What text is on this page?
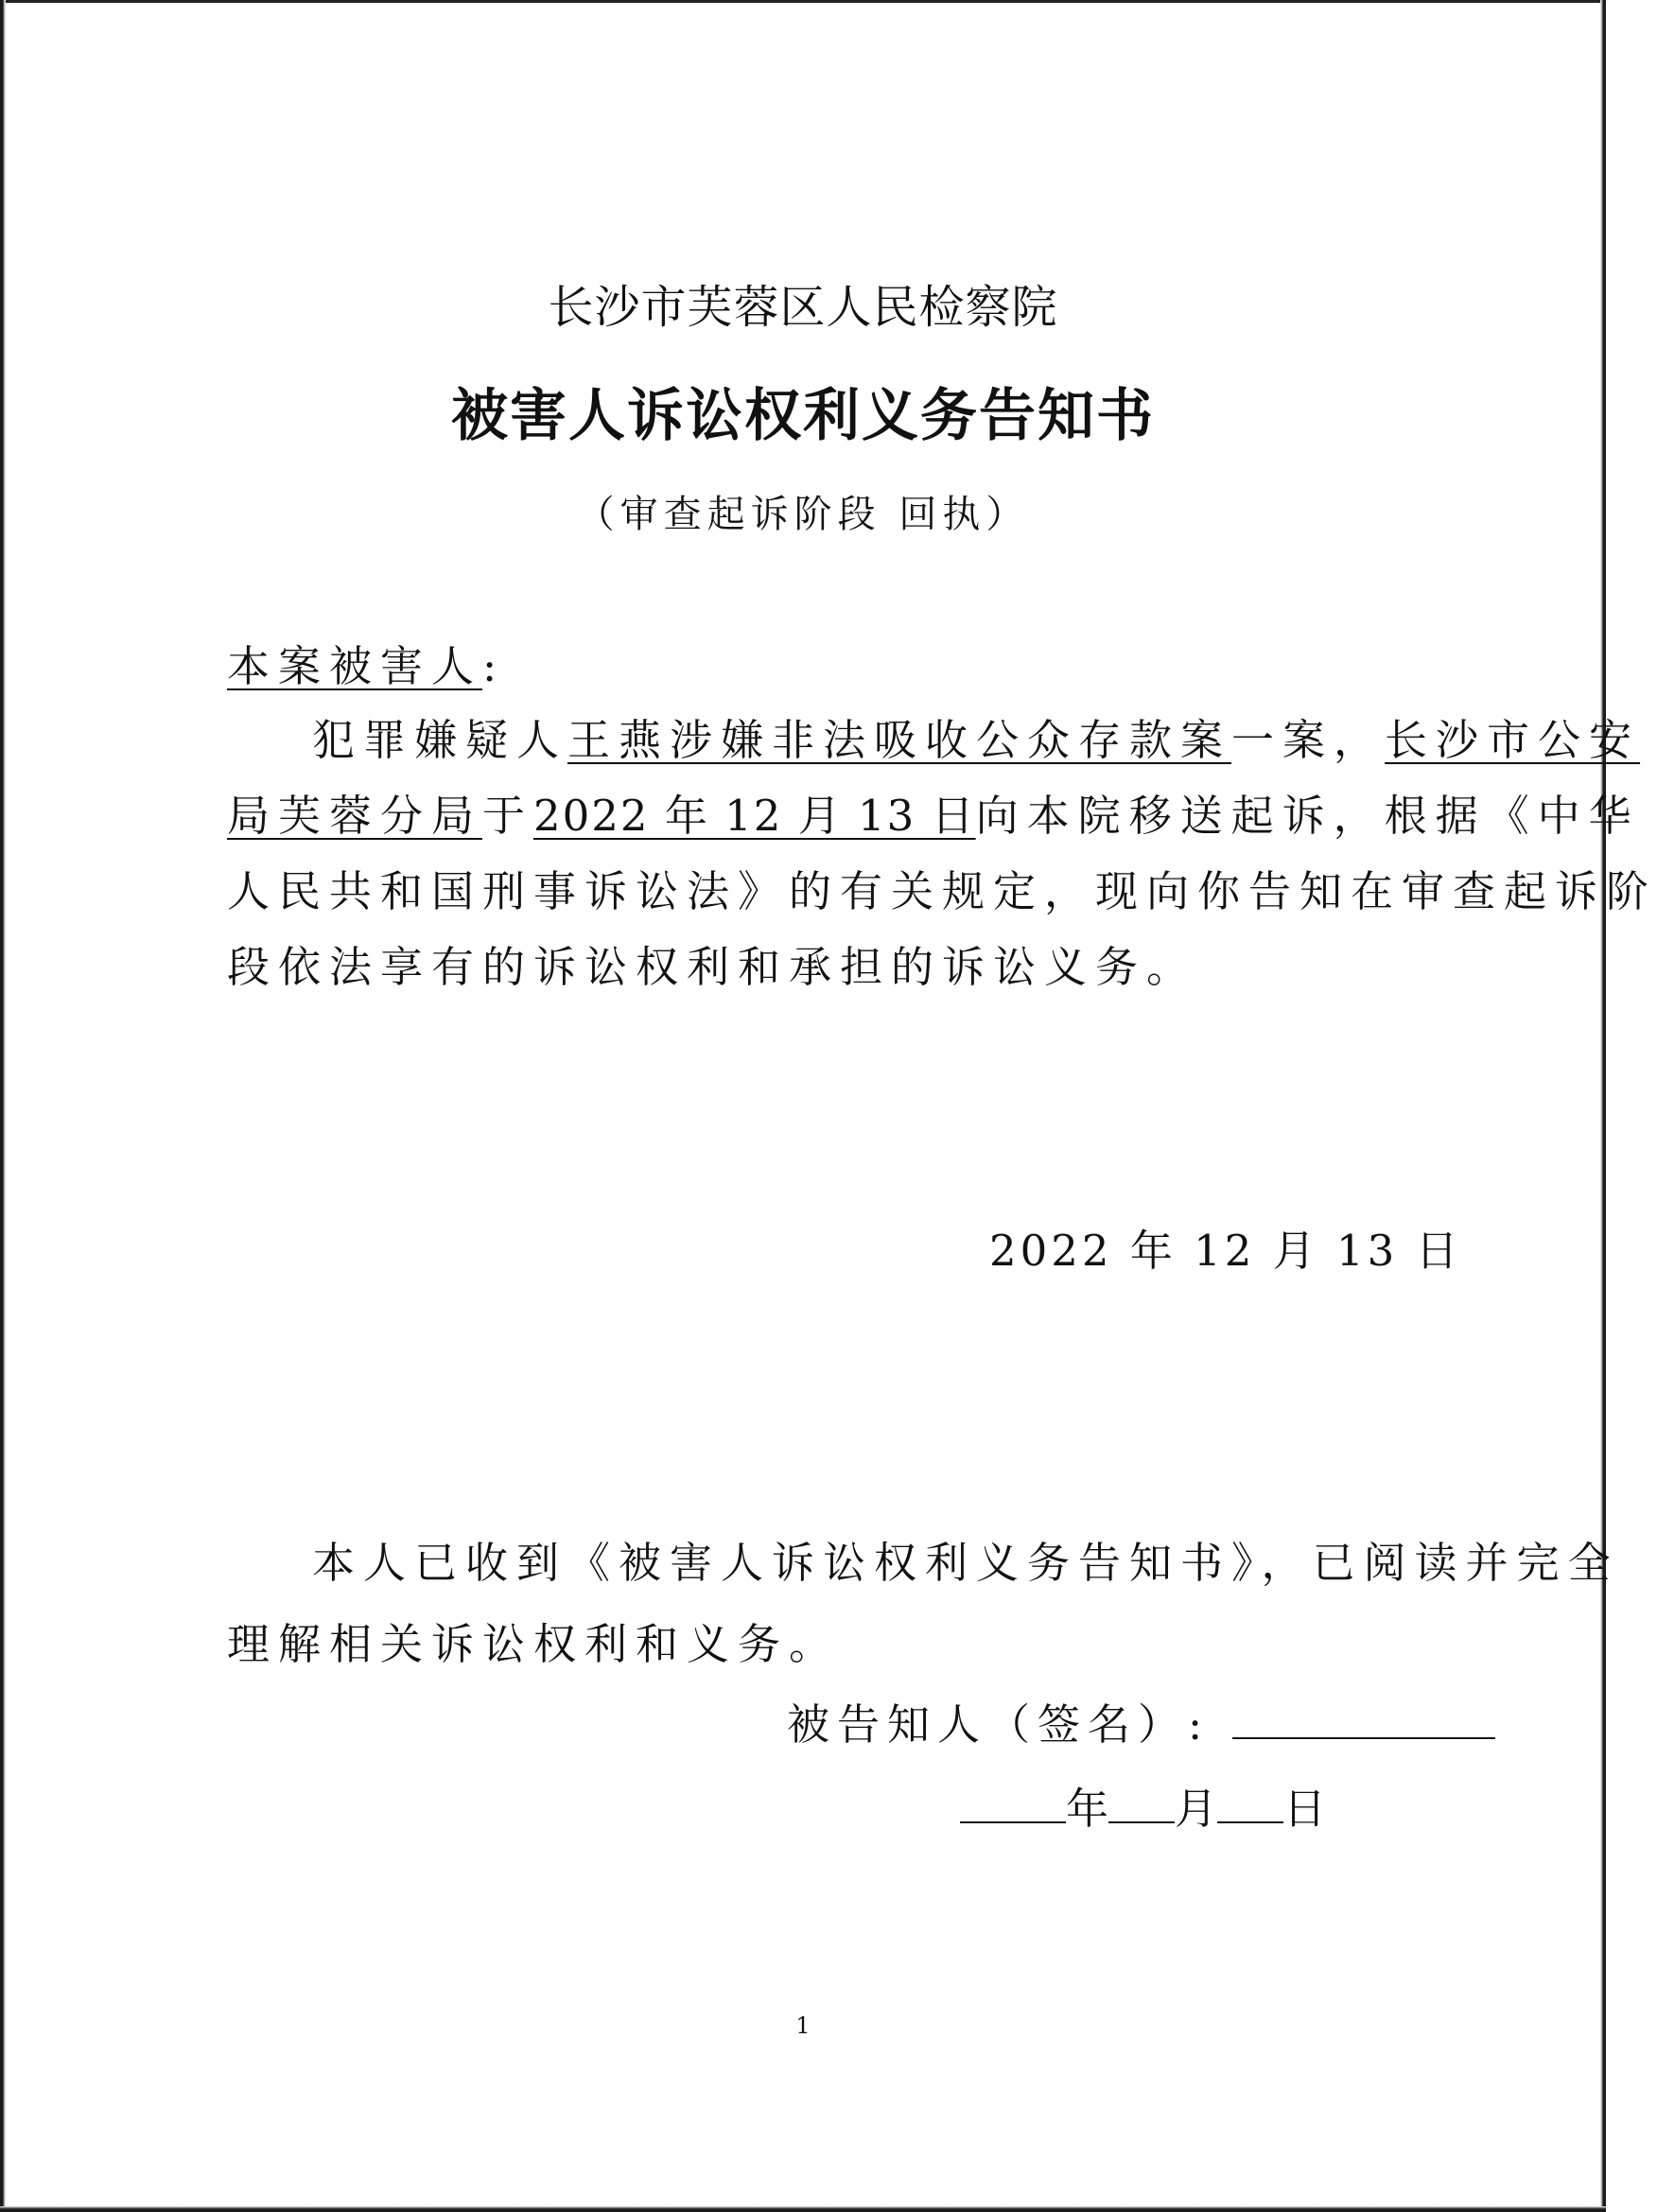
长沙市芙蓉区人民检察院
被害人诉讼权利义务告知书
（审查起诉阶段 回执）
本案被害人:
犯罪嫌疑人王燕涉嫌非法吸收公众存款案一案，长沙市公安
局芙蓉分局于2022 年 12 月 13 日向本院移送起诉，根据《中华
人民共和国刑事诉讼法》的有关规定，现向你告知在审查起诉阶
段依法享有的诉讼权利和承担的诉讼义务。
2022 年 12 月 13 日
本人已收到《被害人诉讼权利义务告知书》，已阅读并完全
理解相关诉讼权利和义务。
被告知人（签名）:
年 月 日
1
